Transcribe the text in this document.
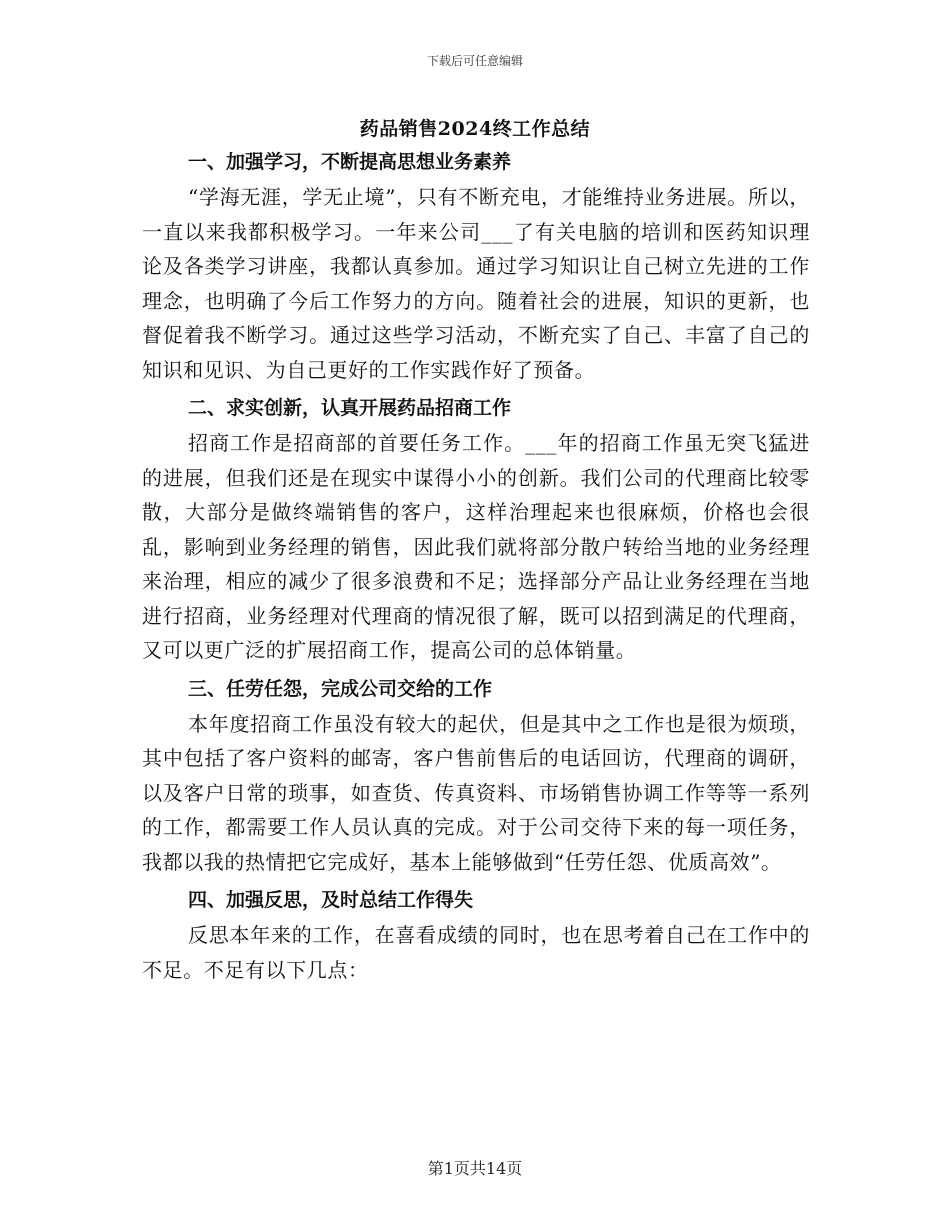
下载后可任意编辑
药品销售2024终工作总结

一、加强学习，不断提高思想业务素养

“学海无涯，学无止境”，只有不断充电，才能维持业务进展。所以，一直以来我都积极学习。一年来公司___了有关电脑的培训和医药知识理论及各类学习讲座，我都认真参加。通过学习知识让自己树立先进的工作理念，也明确了今后工作努力的方向。随着社会的进展，知识的更新，也督促着我不断学习。通过这些学习活动，不断充实了自己、丰富了自己的知识和见识、为自己更好的工作实践作好了预备。

二、求实创新，认真开展药品招商工作

招商工作是招商部的首要任务工作。___年的招商工作虽无突飞猛进的进展，但我们还是在现实中谋得小小的创新。我们公司的代理商比较零散，大部分是做终端销售的客户，这样治理起来也很麻烦，价格也会很乱，影响到业务经理的销售，因此我们就将部分散户转给当地的业务经理来治理，相应的减少了很多浪费和不足；选择部分产品让业务经理在当地进行招商，业务经理对代理商的情况很了解，既可以招到满足的代理商，又可以更广泛的扩展招商工作，提高公司的总体销量。

三、任劳任怨，完成公司交给的工作

本年度招商工作虽没有较大的起伏，但是其中之工作也是很为烦琐，其中包括了客户资料的邮寄，客户售前售后的电话回访，代理商的调研，以及客户日常的琐事，如查货、传真资料、市场销售协调工作等等一系列的工作，都需要工作人员认真的完成。对于公司交待下来的每一项任务，我都以我的热情把它完成好，基本上能够做到“任劳任怨、优质高效”。

四、加强反思，及时总结工作得失

反思本年来的工作，在喜看成绩的同时，也在思考着自己在工作中的不足。不足有以下几点：

第1页共14页
